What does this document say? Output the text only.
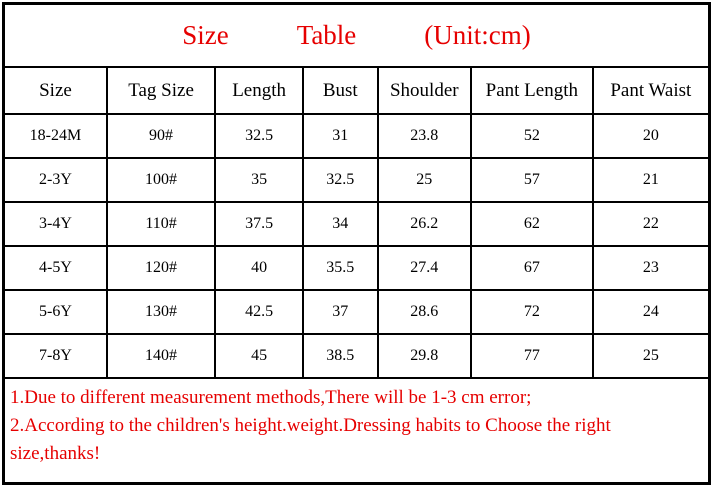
Size	Table	(Unit:cm)
Size	Tag Size	Length	Bust	Shoulder	Pant Length	Pant Waist
18-24M	90#	32.5	31	23.8	52	20
2-3Y	100#	35	32.5	25	57	21
3-4Y	110#	37.5	34	26.2	62	22
4-5Y	120#	40	35.5	27.4	67	23
5-6Y	130#	42.5	37	28.6	72	24
7-8Y	140#	45	38.5	29.8	77	25

1.Due to different measurement methods,There will be 1-3 cm error;

2.According to the children's height.weight.Dressing habits to Choose the right size,thanks!
